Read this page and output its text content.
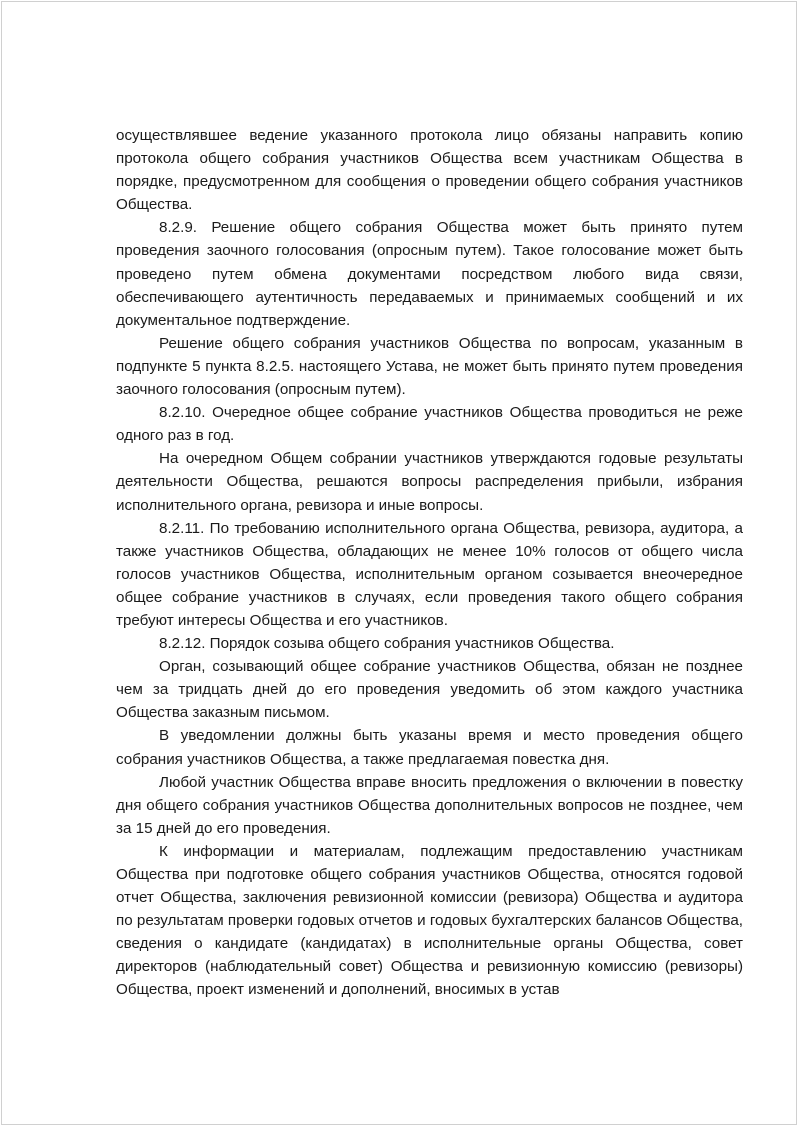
осуществлявшее ведение указанного протокола лицо обязаны направить копию протокола общего собрания участников Общества всем участникам Общества в порядке, предусмотренном для сообщения о проведении общего собрания участников Общества.

8.2.9. Решение общего собрания Общества может быть принято путем проведения заочного голосования (опросным путем). Такое голосование может быть проведено путем обмена документами посредством любого вида связи, обеспечивающего аутентичность передаваемых и принимаемых сообщений и их документальное подтверждение.

Решение общего собрания участников Общества по вопросам, указанным в подпункте 5 пункта 8.2.5. настоящего Устава, не может быть принято путем проведения заочного голосования (опросным путем).

8.2.10. Очередное общее собрание участников Общества проводиться не реже одного раз в год.

На очередном Общем собрании участников утверждаются годовые результаты деятельности Общества, решаются вопросы распределения прибыли, избрания исполнительного органа, ревизора и иные вопросы.

8.2.11. По требованию исполнительного органа Общества, ревизора, аудитора, а также участников Общества, обладающих не менее 10% голосов от общего числа голосов участников Общества, исполнительным органом созывается внеочередное общее собрание участников в случаях, если проведения такого общего собрания требуют интересы Общества и его участников.

8.2.12. Порядок созыва общего собрания участников Общества.

Орган, созывающий общее собрание участников Общества, обязан не позднее чем за тридцать дней до его проведения уведомить об этом каждого участника Общества заказным письмом.

В уведомлении должны быть указаны время и место проведения общего собрания участников Общества, а также предлагаемая повестка дня.

Любой участник Общества вправе вносить предложения о включении в повестку дня общего собрания участников Общества дополнительных вопросов не позднее, чем за 15 дней до его проведения.

К информации и материалам, подлежащим предоставлению участникам Общества при подготовке общего собрания участников Общества, относятся годовой отчет Общества, заключения ревизионной комиссии (ревизора) Общества и аудитора по результатам проверки годовых отчетов и годовых бухгалтерских балансов Общества, сведения о кандидате (кандидатах) в исполнительные органы Общества, совет директоров (наблюдательный совет) Общества и ревизионную комиссию (ревизоры) Общества, проект изменений и дополнений, вносимых в устав
